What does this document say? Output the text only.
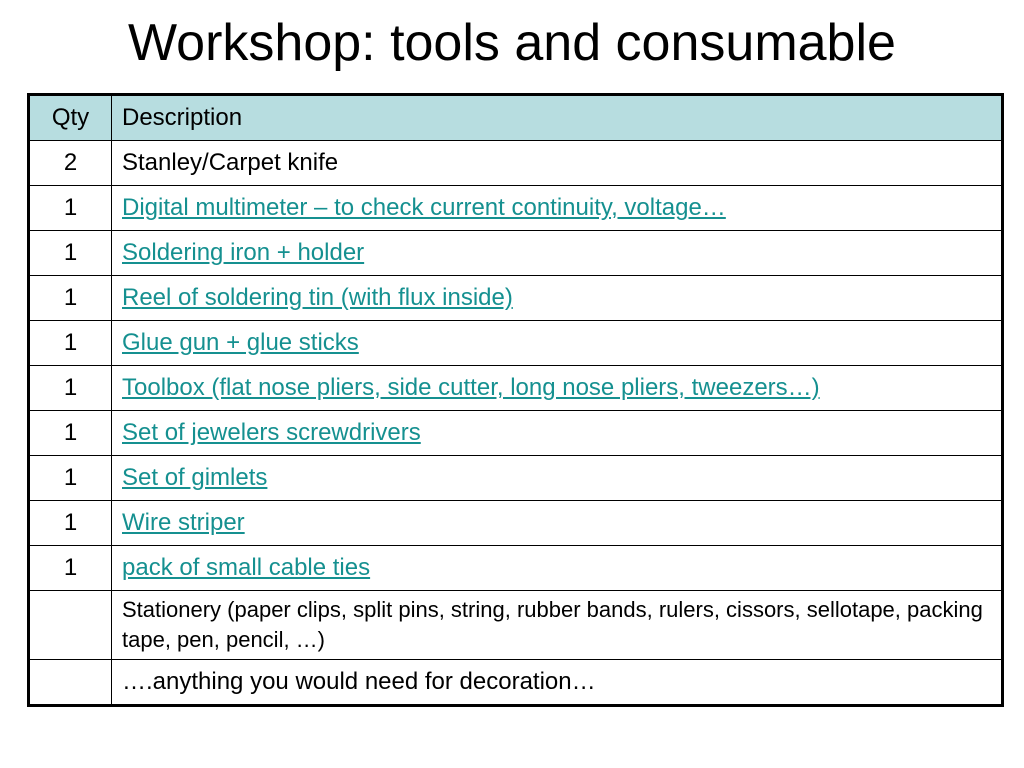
Workshop: tools and consumable
Qty	Description
2	Stanley/Carpet knife
1	Digital multimeter – to check current continuity, voltage…
1	Soldering iron + holder
1	Reel of soldering tin (with flux inside)
1	Glue gun + glue sticks
1	Toolbox (flat nose pliers, side cutter, long nose pliers, tweezers…)
1	Set of jewelers screwdrivers
1	Set of gimlets
1	Wire striper
1	pack of small cable ties
	Stationery (paper clips, split pins, string, rubber bands, rulers, cissors, sellotape, packing tape, pen, pencil, …)
	….anything you would need for decoration…
